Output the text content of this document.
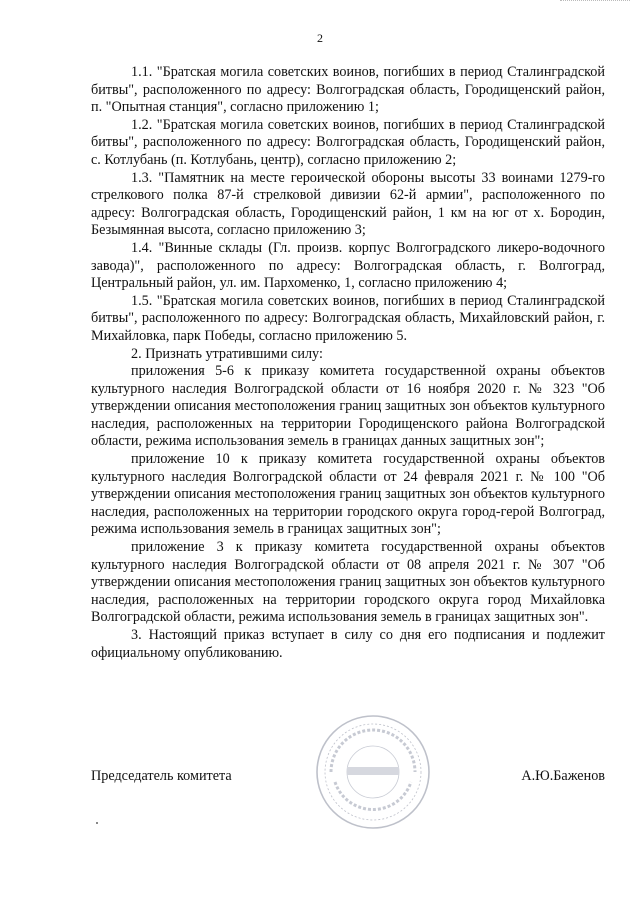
2

1.1. "Братская могила советских воинов, погибших в период Сталинградской битвы", расположенного по адресу: Волгоградская область, Городищенский район, п. "Опытная станция", согласно приложению 1;

1.2. "Братская могила советских воинов, погибших в период Сталинградской битвы", расположенного по адресу: Волгоградская область, Городищенский район, с. Котлубань (п. Котлубань, центр), согласно приложению 2;

1.3. "Памятник на месте героической обороны высоты 33 воинами 1279-го стрелкового полка 87-й стрелковой дивизии 62-й армии", расположенного по адресу: Волгоградская область, Городищенский район, 1 км на юг от х. Бородин, Безымянная высота, согласно приложению 3;

1.4. "Винные склады (Гл. произв. корпус Волгоградского ликеро-водочного завода)", расположенного по адресу: Волгоградская область, г. Волгоград, Центральный район, ул. им. Пархоменко, 1, согласно приложению 4;

1.5. "Братская могила советских воинов, погибших в период Сталинградской битвы", расположенного по адресу: Волгоградская область, Михайловский район, г. Михайловка, парк Победы, согласно приложению 5.

2. Признать утратившими силу:

приложения 5-6 к приказу комитета государственной охраны объектов культурного наследия Волгоградской области от 16 ноября 2020 г. № 323 "Об утверждении описания местоположения границ защитных зон объектов культурного наследия, расположенных на территории Городищенского района Волгоградской области, режима использования земель в границах данных защитных зон";

приложение 10 к приказу комитета государственной охраны объектов культурного наследия Волгоградской области от 24 февраля 2021 г. № 100 "Об утверждении описания местоположения границ защитных зон объектов культурного наследия, расположенных на территории городского округа город-герой Волгоград, режима использования земель в границах защитных зон";

приложение 3 к приказу комитета государственной охраны объектов культурного наследия Волгоградской области от 08 апреля 2021 г. № 307 "Об утверждении описания местоположения границ защитных зон объектов культурного наследия, расположенных на территории городского округа город Михайловка Волгоградской области, режима использования земель в границах защитных зон".

3. Настоящий приказ вступает в силу со дня его подписания и подлежит официальному опубликованию.

Председатель комитета	А.Ю.Баженов
